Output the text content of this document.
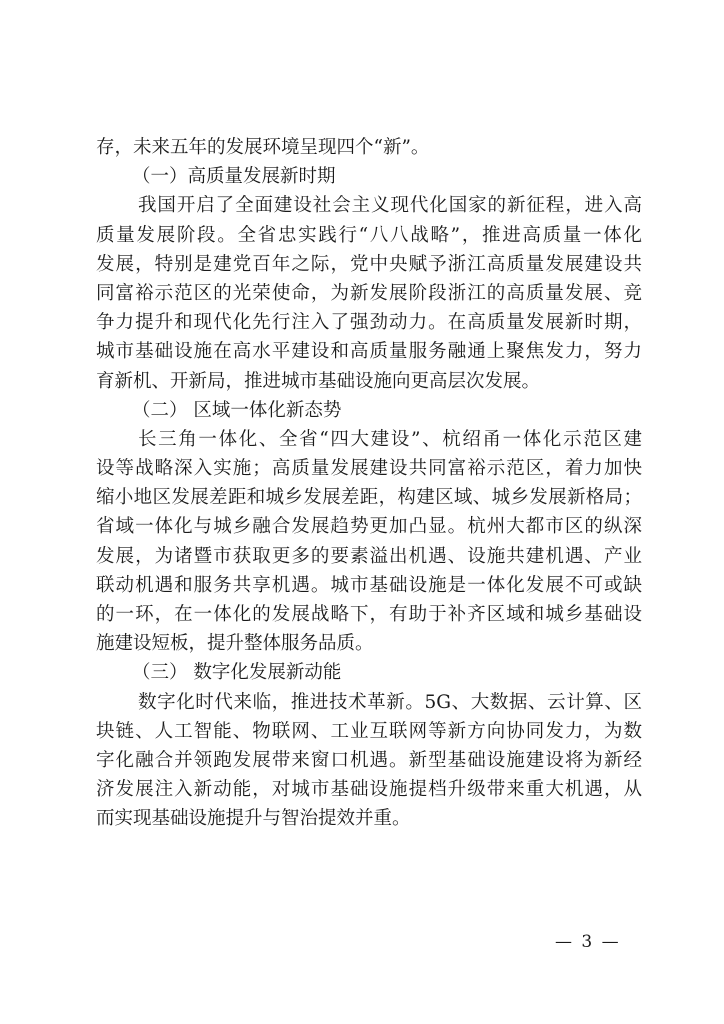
存，未来五年的发展环境呈现四个“新”。
（一）高质量发展新时期
我国开启了全面建设社会主义现代化国家的新征程，进入高
质量发展阶段。全省忠实践行“八八战略”，推进高质量一体化
发展，特别是建党百年之际，党中央赋予浙江高质量发展建设共
同富裕示范区的光荣使命，为新发展阶段浙江的高质量发展、竞
争力提升和现代化先行注入了强劲动力。在高质量发展新时期，
城市基础设施在高水平建设和高质量服务融通上聚焦发力，努力
育新机、开新局，推进城市基础设施向更高层次发展。
（二） 区域一体化新态势
长三角一体化、全省“四大建设”、杭绍甬一体化示范区建
设等战略深入实施；高质量发展建设共同富裕示范区，着力加快
缩小地区发展差距和城乡发展差距，构建区域、城乡发展新格局；
省域一体化与城乡融合发展趋势更加凸显。杭州大都市区的纵深
发展，为诸暨市获取更多的要素溢出机遇、设施共建机遇、产业
联动机遇和服务共享机遇。城市基础设施是一体化发展不可或缺
的一环，在一体化的发展战略下，有助于补齐区域和城乡基础设
施建设短板，提升整体服务品质。
（三） 数字化发展新动能
数字化时代来临，推进技术革新。5G、大数据、云计算、区
块链、人工智能、物联网、工业互联网等新方向协同发力，为数
字化融合并领跑发展带来窗口机遇。新型基础设施建设将为新经
济发展注入新动能，对城市基础设施提档升级带来重大机遇，从
而实现基础设施提升与智治提效并重。
— 3 —
